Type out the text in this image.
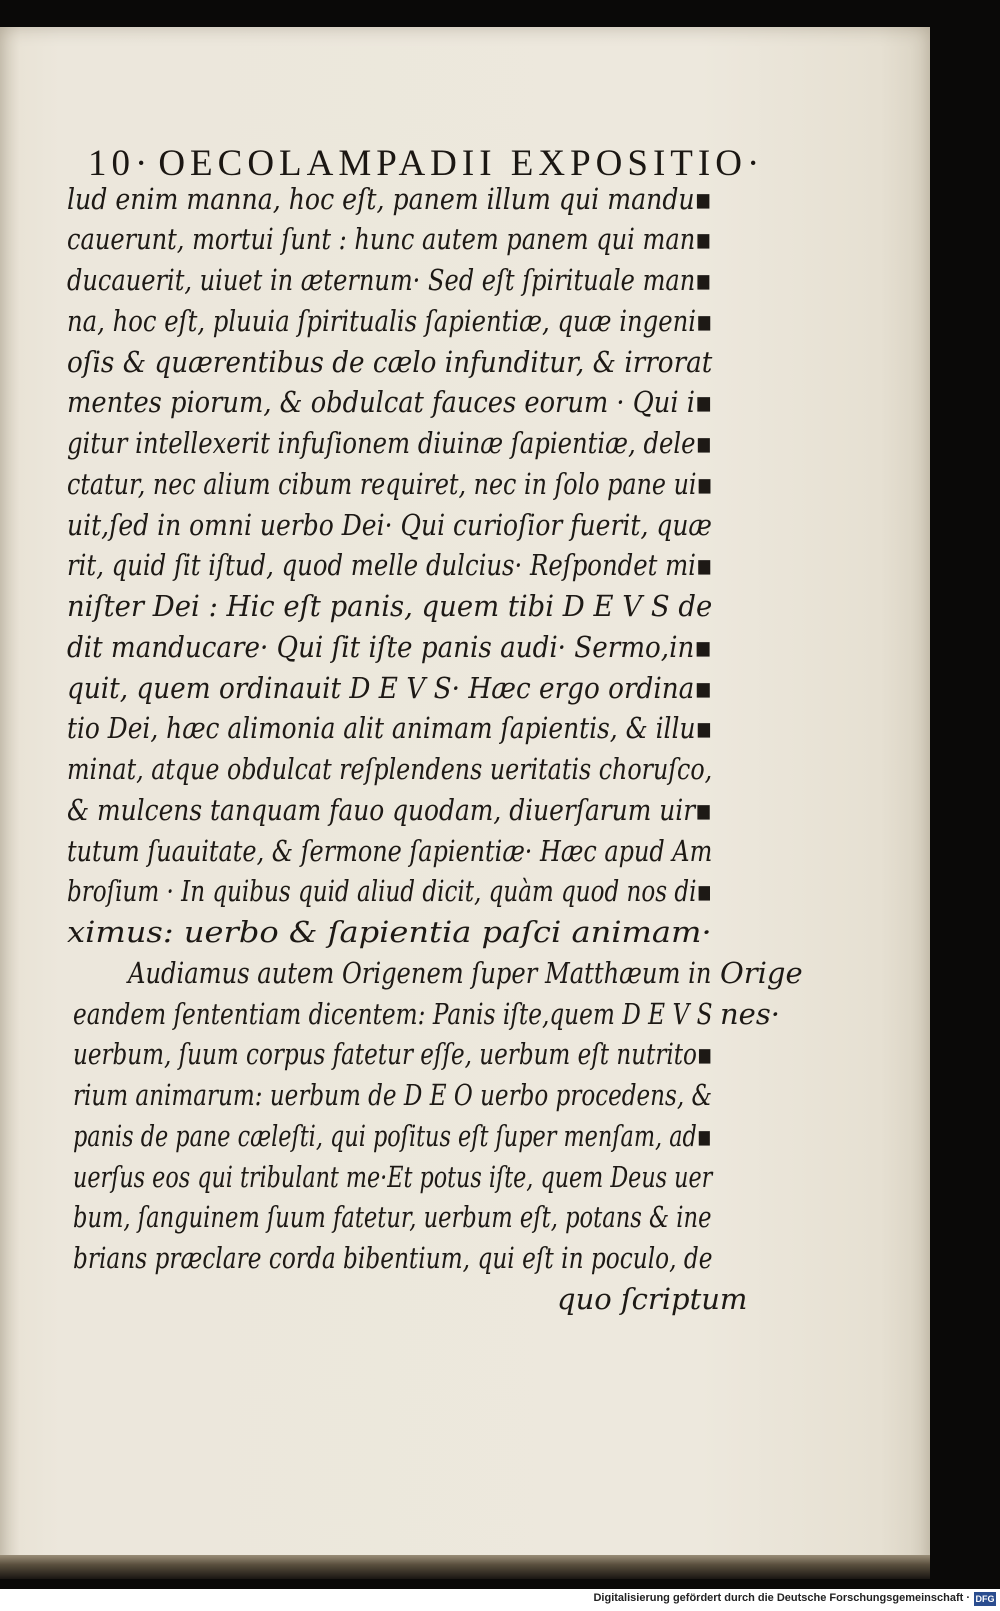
10· OECOLAMPADII EXPOSITIO·
lud enim manna, hoc eſt, panem illum qui mandu▪
cauerunt, mortui ſunt : hunc autem panem qui man▪
ducauerit, uiuet in æternum· Sed eſt ſpirituale man▪
na, hoc eſt, pluuia ſpiritualis ſapientiæ, quæ ingeni▪
oſis & quærentibus de cælo infunditur, & irrorat
mentes piorum, & obdulcat fauces eorum · Qui i▪
gitur intellexerit infuſionem diuinæ ſapientiæ, dele▪
ctatur, nec alium cibum requiret, nec in ſolo pane ui▪
uit,ſed in omni uerbo Dei· Qui curioſior fuerit, quæ
rit, quid ſit iſtud, quod melle dulcius· Reſpondet mi▪
niſter Dei : Hic eſt panis, quem tibi D E V S de
dit manducare· Qui ſit iſte panis audi· Sermo,in▪
quit, quem ordinauit D E V S· Hæc ergo ordina▪
tio Dei, hæc alimonia alit animam ſapientis, & illu▪
minat, atque obdulcat reſplendens ueritatis choruſco,
& mulcens tanquam fauo quodam, diuerſarum uir▪
tutum ſuauitate, & ſermone ſapientiæ· Hæc apud Am
broſium · In quibus quid aliud dicit, quàm quod nos di▪
ximus: uerbo & ſapientia paſci animam·
Audiamus autem Origenem ſuper Matthæum in
eandem ſententiam dicentem: Panis iſte,quem D E V S
uerbum, ſuum corpus fatetur eſſe, uerbum eſt nutrito▪
rium animarum: uerbum de D E O uerbo procedens, &
panis de pane cæleſti, qui poſitus eſt ſuper menſam, ad▪
uerſus eos qui tribulant me·Et potus iſte, quem Deus uer
bum, ſanguinem ſuum fatetur, uerbum eſt, potans & ine
brians præclare corda bibentium, qui eſt in poculo, de
quo ſcriptum
Orige
nes·
Digitalisierung gefördert durch die Deutsche Forschungsgemeinschaft · DFG
